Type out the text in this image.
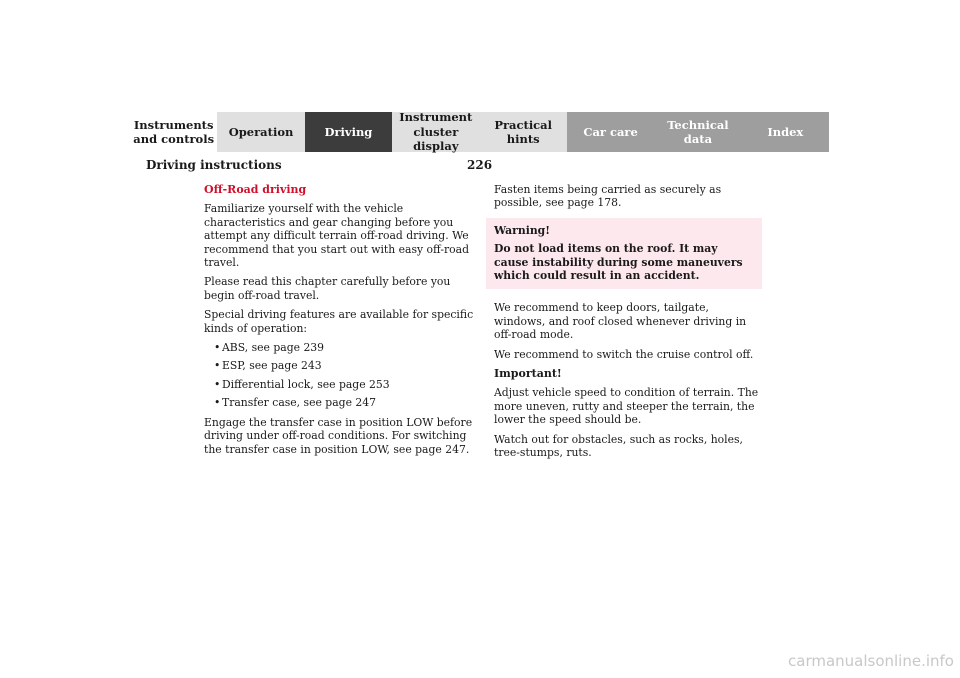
Instruments
and controls
Operation	Driving
Instrument
cluster display
Practical hints
Car care
Technical
data
Index
Driving instructions	226

Off-Road driving

Familiarize yourself with the vehicle characteristics and gear changing before you attempt any difficult terrain off-road driving. We recommend that you start out with easy off-road travel.

Please read this chapter carefully before you begin off-road travel.

Special driving features are available for specific kinds of operation:

• ABS, see page 239
• ESP, see page 243
• Differential lock, see page 253
• Transfer case, see page 247

Engage the transfer case in position LOW before driving under off-road conditions. For switching the transfer case in position LOW, see page 247.

Fasten items being carried as securely as possible, see page 178.

Warning!
Do not load items on the roof. It may cause instability during some maneuvers which could result in an accident.

We recommend to keep doors, tailgate, windows, and roof closed whenever driving in off-road mode.

We recommend to switch the cruise control off.

Important!

Adjust vehicle speed to condition of terrain. The more uneven, rutty and steeper the terrain, the lower the speed should be.

Watch out for obstacles, such as rocks, holes, tree-stumps, ruts.

carmanualsonline.info
